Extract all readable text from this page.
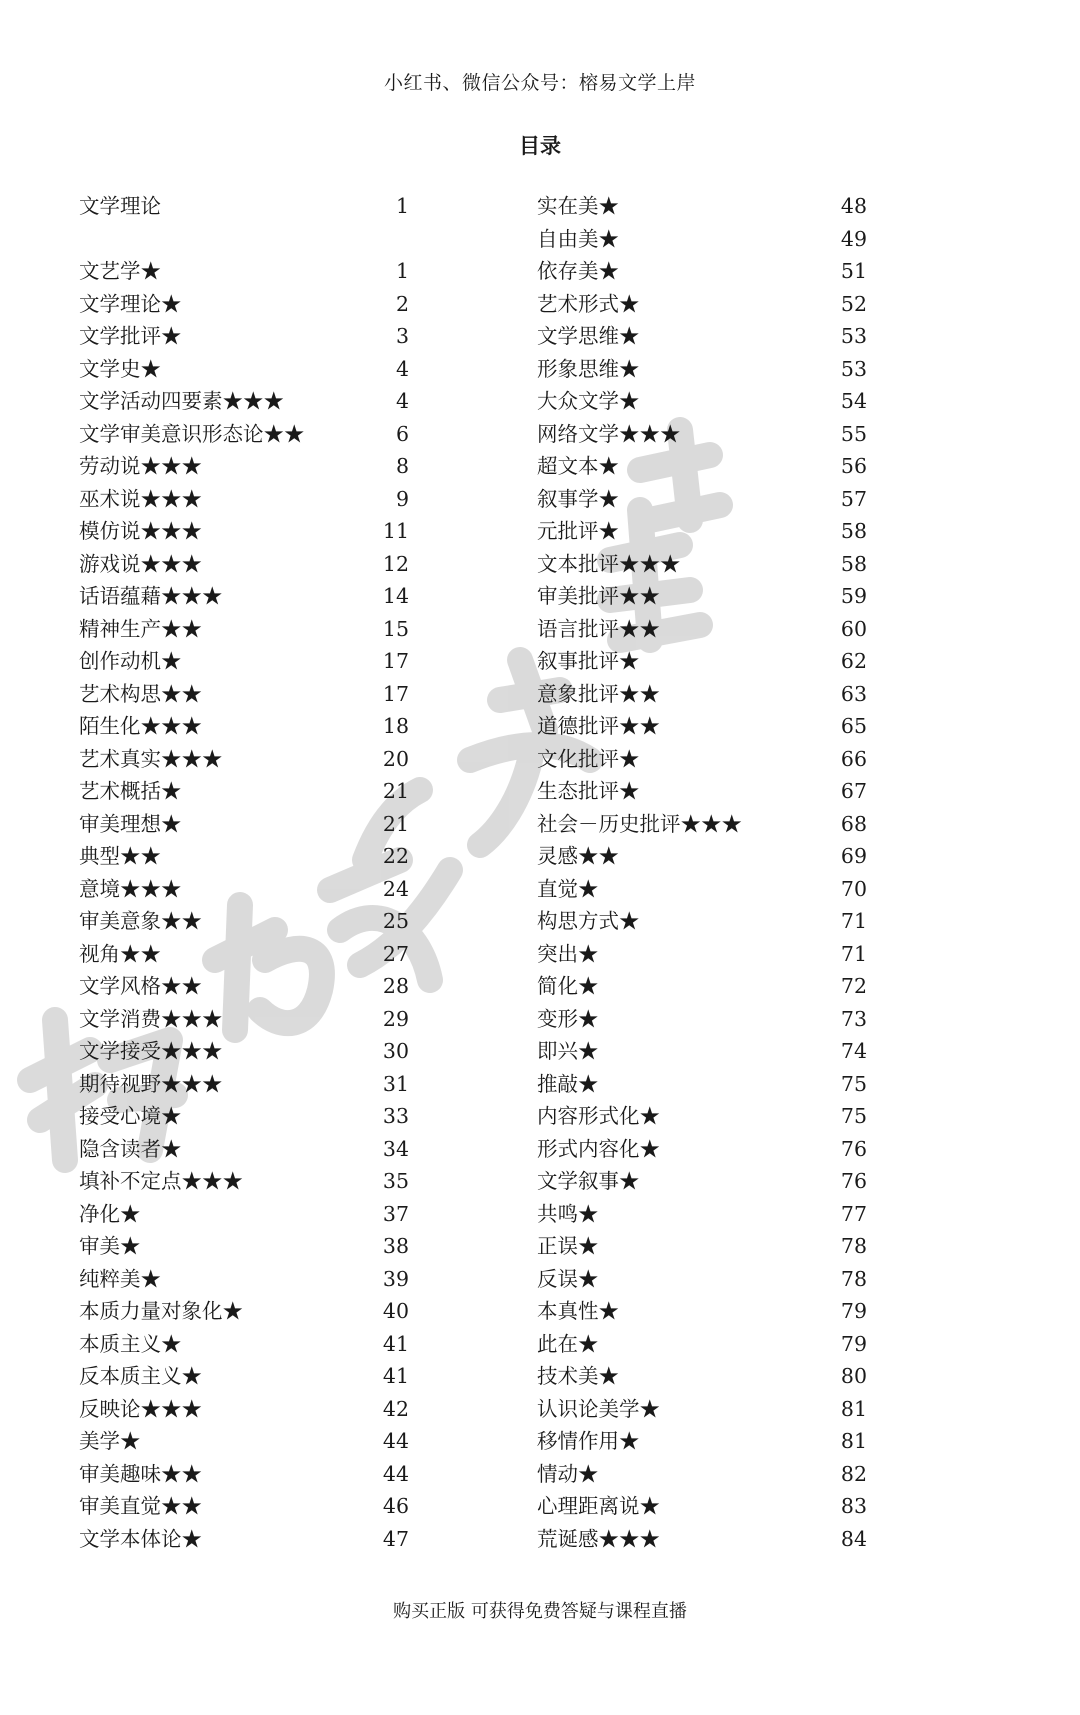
小红书、微信公众号：榕易文学上岸
目录
文学理论	1
文艺学★	1
文学理论★	2
文学批评★	3
文学史★	4
文学活动四要素★★★	4
文学审美意识形态论★★	6
劳动说★★★	8
巫术说★★★	9
模仿说★★★	11
游戏说★★★	12
话语蕴藉★★★	14
精神生产★★	15
创作动机★	17
艺术构思★★	17
陌生化★★★	18
艺术真实★★★	20
艺术概括★	21
审美理想★	21
典型★★	22
意境★★★	24
审美意象★★	25
视角★★	27
文学风格★★	28
文学消费★★★	29
文学接受★★★	30
期待视野★★★	31
接受心境★	33
隐含读者★	34
填补不定点★★★	35
净化★	37
审美★	38
纯粹美★	39
本质力量对象化★	40
本质主义★	41
反本质主义★	41
反映论★★★	42
美学★	44
审美趣味★★	44
审美直觉★★	46
文学本体论★	47
实在美★	48
自由美★	49
依存美★	51
艺术形式★	52
文学思维★	53
形象思维★	53
大众文学★	54
网络文学★★★	55
超文本★	56
叙事学★	57
元批评★	58
文本批评★★★	58
审美批评★★	59
语言批评★★	60
叙事批评★	62
意象批评★★	63
道德批评★★	65
文化批评★	66
生态批评★	67
社会－历史批评★★★	68
灵感★★	69
直觉★	70
构思方式★	71
突出★	71
简化★	72
变形★	73
即兴★	74
推敲★	75
内容形式化★	75
形式内容化★	76
文学叙事★	76
共鸣★	77
正误★	78
反误★	78
本真性★	79
此在★	79
技术美★	80
认识论美学★	81
移情作用★	81
情动★	82
心理距离说★	83
荒诞感★★★	84
购买正版 可获得免费答疑与课程直播
